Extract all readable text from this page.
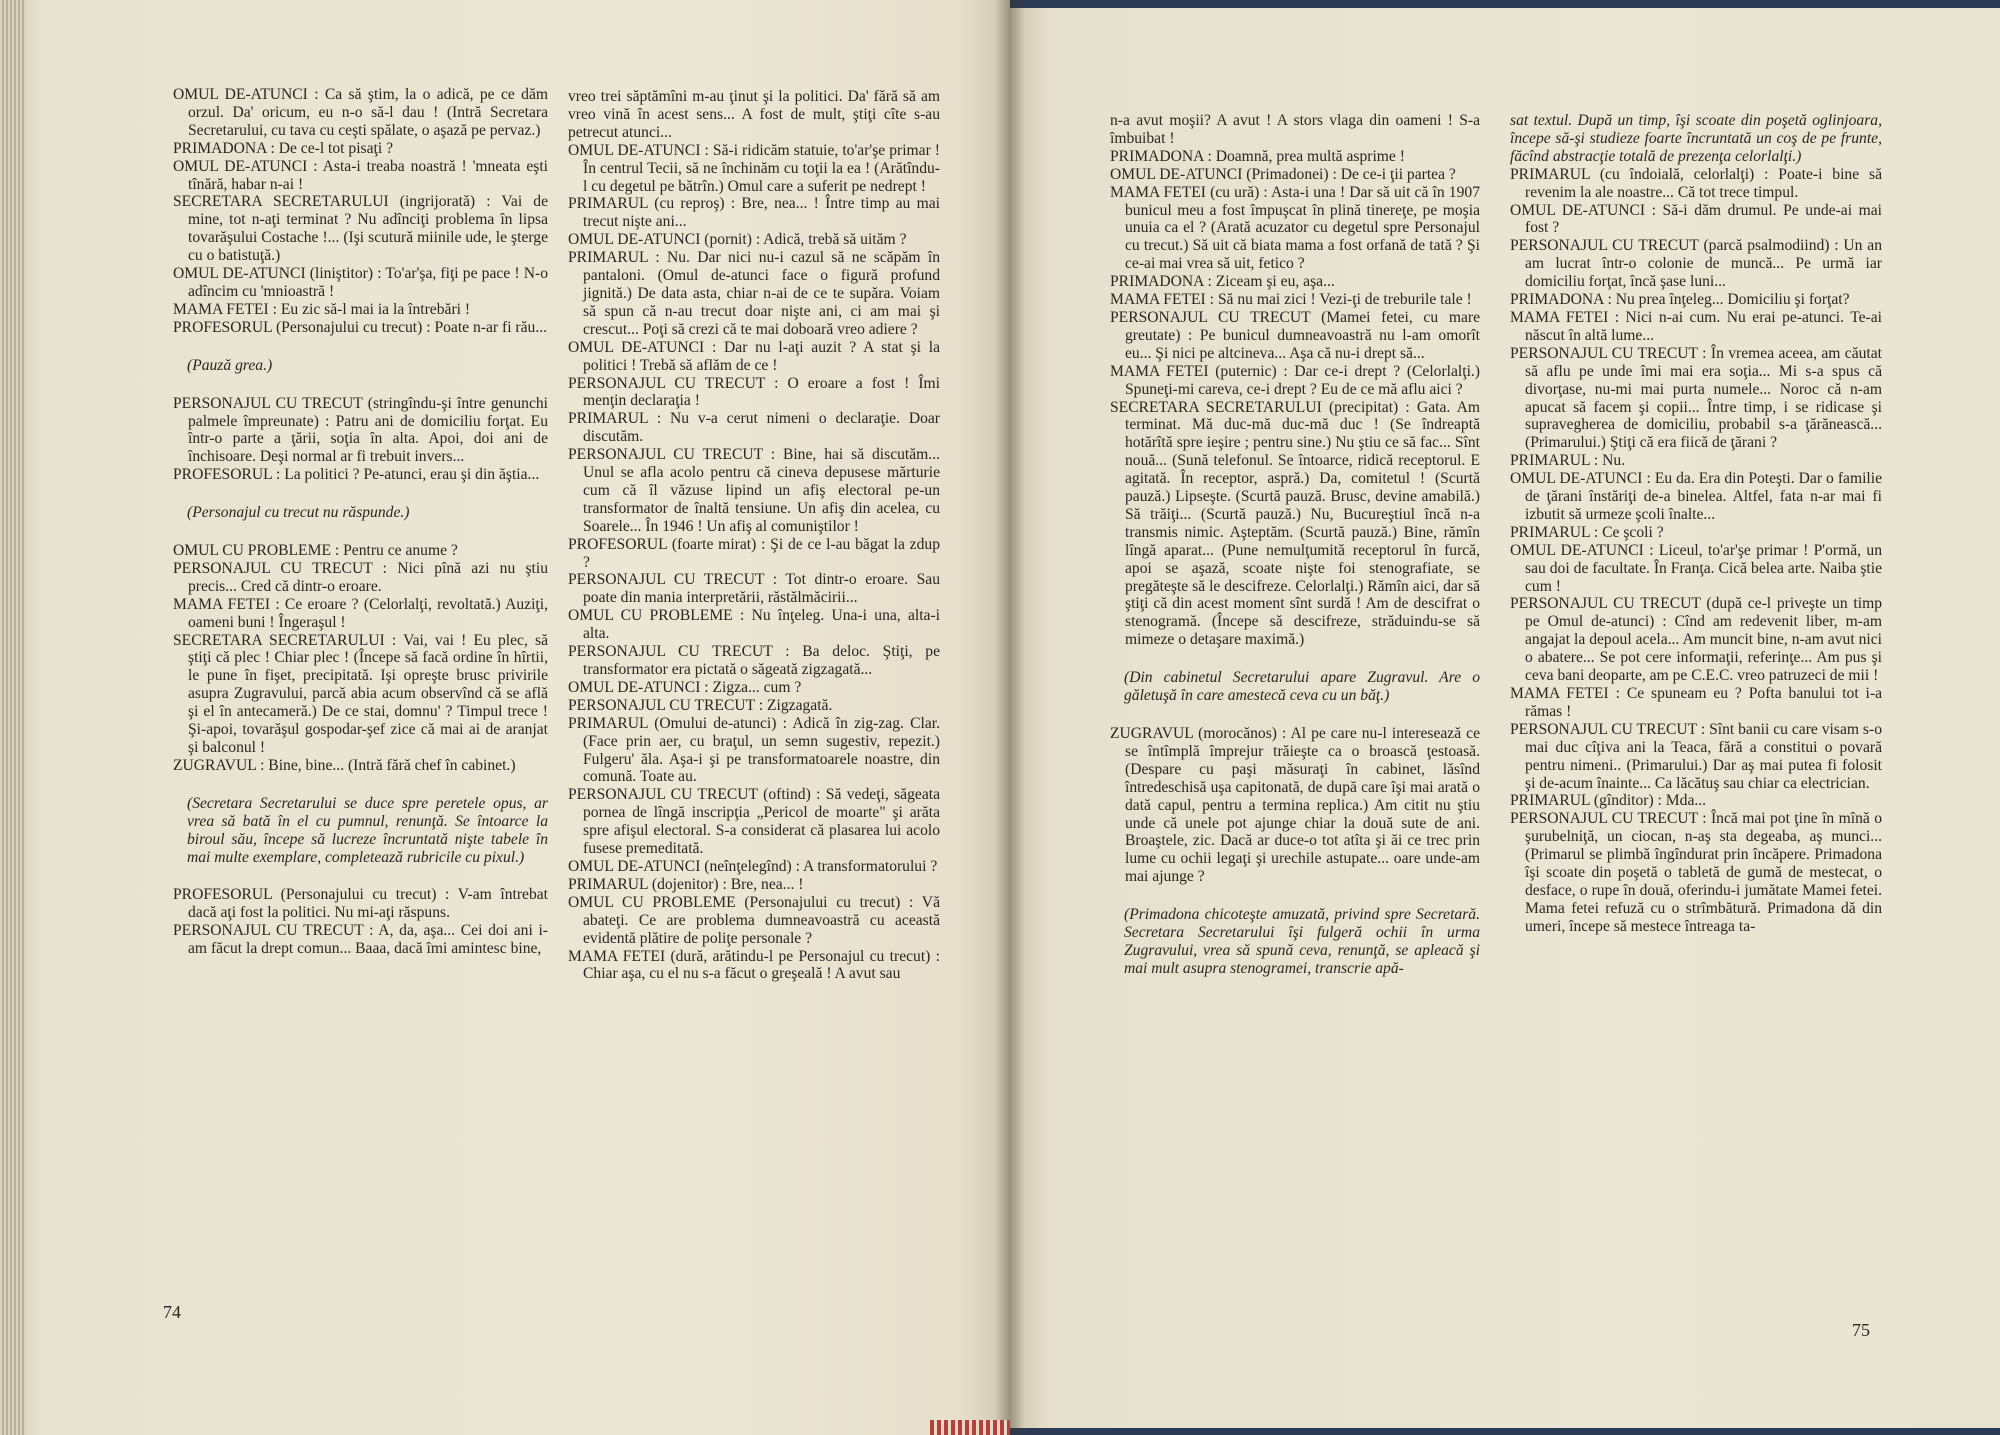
OMUL DE-ATUNCI : Ca să ştim, la o adică, pe ce dăm orzul. Da' oricum, eu n-o să-l dau ! (Intră Secretara Secretarului, cu tava cu ceşti spălate, o aşază pe pervaz.)

PRIMADONA : De ce-l tot pisaţi ?

OMUL DE-ATUNCI : Asta-i treaba noastră ! 'mneata eşti tînără, habar n-ai !

SECRETARA SECRETARULUI (ingrijorată) : Vai de mine, tot n-aţi terminat ? Nu adînciţi problema în lipsa tovarăşului Costache !... (Işi scutură miinile ude, le şterge cu o batistuţă.)

OMUL DE-ATUNCI (liniştitor) : To'ar'şa, fiţi pe pace ! N-o adîncim cu 'mnioastră !

MAMA FETEI : Eu zic să-l mai ia la întrebări !

PROFESORUL (Personajului cu trecut) : Poate n-ar fi rău...

(Pauză grea.)

PERSONAJUL CU TRECUT (stringîndu-şi între genunchi palmele împreunate) : Patru ani de domiciliu forţat. Eu într-o parte a ţării, soţia în alta. Apoi, doi ani de închisoare. Deşi normal ar fi trebuit invers...

PROFESORUL : La politici ? Pe-atunci, erau şi din ăştia...

(Personajul cu trecut nu răspunde.)

OMUL CU PROBLEME : Pentru ce anume ?

PERSONAJUL CU TRECUT : Nici pînă azi nu ştiu precis... Cred că dintr-o eroare.

MAMA FETEI : Ce eroare ? (Celorlalţi, revoltată.) Auziţi, oameni buni ! Îngeraşul !

SECRETARA SECRETARULUI : Vai, vai ! Eu plec, să ştiţi că plec ! Chiar plec ! (Începe să facă ordine în hîrtii, le pune în fişet, precipitată. Işi opreşte brusc privirile asupra Zugravului, parcă abia acum observînd că se află şi el în antecameră.) De ce stai, domnu' ? Timpul trece ! Şi-apoi, tovarăşul gospodar-şef zice că mai ai de aranjat şi balconul !

ZUGRAVUL : Bine, bine... (Intră fără chef în cabinet.)

(Secretara Secretarului se duce spre peretele opus, ar vrea să bată în el cu pumnul, renunţă. Se întoarce la biroul său, începe să lucreze încruntată nişte tabele în mai multe exemplare, completează rubricile cu pixul.)

PROFESORUL (Personajului cu trecut) : V-am întrebat dacă aţi fost la politici. Nu mi-aţi răspuns.

PERSONAJUL CU TRECUT : A, da, aşa... Cei doi ani i-am făcut la drept comun... Baaa, dacă îmi amintesc bine,

vreo trei săptămîni m-au ţinut şi la politici. Da' fără să am vreo vină în acest sens... A fost de mult, ştiţi cîte s-au petrecut atunci...

OMUL DE-ATUNCI : Să-i ridicăm statuie, to'ar'şe primar ! În centrul Tecii, să ne închinăm cu toţii la ea ! (Arătîndu-l cu degetul pe bătrîn.) Omul care a suferit pe nedrept !

PRIMARUL (cu reproş) : Bre, nea... ! Între timp au mai trecut nişte ani...

OMUL DE-ATUNCI (pornit) : Adică, trebă să uităm ?

PRIMARUL : Nu. Dar nici nu-i cazul să ne scăpăm în pantaloni. (Omul de-atunci face o figură profund jignită.) De data asta, chiar n-ai de ce te supăra. Voiam să spun că n-au trecut doar nişte ani, ci am mai şi crescut... Poţi să crezi că te mai doboară vreo adiere ?

OMUL DE-ATUNCI : Dar nu l-aţi auzit ? A stat şi la politici ! Trebă să aflăm de ce !

PERSONAJUL CU TRECUT : O eroare a fost ! Îmi menţin declaraţia !

PRIMARUL : Nu v-a cerut nimeni o declaraţie. Doar discutăm.

PERSONAJUL CU TRECUT : Bine, hai să discutăm... Unul se afla acolo pentru că cineva depusese mărturie cum că îl văzuse lipind un afiş electoral pe-un transformator de înaltă tensiune. Un afiş din acelea, cu Soarele... În 1946 ! Un afiş al comuniştilor !

PROFESORUL (foarte mirat) : Şi de ce l-au băgat la zdup ?

PERSONAJUL CU TRECUT : Tot dintr-o eroare. Sau poate din mania interpretării, răstălmăcirii...

OMUL CU PROBLEME : Nu înţeleg. Una-i una, alta-i alta.

PERSONAJUL CU TRECUT : Ba deloc. Ştiţi, pe transformator era pictată o săgeată zigzagată...

OMUL DE-ATUNCI : Zigza... cum ?

PERSONAJUL CU TRECUT : Zigzagată.

PRIMARUL (Omului de-atunci) : Adică în zig-zag. Clar. (Face prin aer, cu braţul, un semn sugestiv, repezit.) Fulgeru' ăla. Aşa-i şi pe transformatoarele noastre, din comună. Toate au.

PERSONAJUL CU TRECUT (oftind) : Să vedeţi, săgeata pornea de lîngă inscripţia „Pericol de moarte" şi arăta spre afişul electoral. S-a considerat că plasarea lui acolo fusese premeditată.

OMUL DE-ATUNCI (neînţelegînd) : A transformatorului ?

PRIMARUL (dojenitor) : Bre, nea... !

OMUL CU PROBLEME (Personajului cu trecut) : Vă abateţi. Ce are problema dumneavoastră cu această evidentă plătire de poliţe personale ?

MAMA FETEI (dură, arătindu-l pe Personajul cu trecut) : Chiar aşa, cu el nu s-a făcut o greşeală ! A avut sau

74

n-a avut moşii? A avut ! A stors vlaga din oameni ! S-a îmbuibat !

PRIMADONA : Doamnă, prea multă asprime !

OMUL DE-ATUNCI (Primadonei) : De ce-i ţii partea ?

MAMA FETEI (cu ură) : Asta-i una ! Dar să uit că în 1907 bunicul meu a fost împuşcat în plină tinereţe, pe moşia unuia ca el ? (Arată acuzator cu degetul spre Personajul cu trecut.) Să uit că biata mama a fost orfană de tată ? Şi ce-ai mai vrea să uit, fetico ?

PRIMADONA : Ziceam şi eu, aşa...

MAMA FETEI : Să nu mai zici ! Vezi-ţi de treburile tale !

PERSONAJUL CU TRECUT (Mamei fetei, cu mare greutate) : Pe bunicul dumneavoastră nu l-am omorît eu... Şi nici pe altcineva... Aşa că nu-i drept să...

MAMA FETEI (puternic) : Dar ce-i drept ? (Celorlalţi.) Spuneţi-mi careva, ce-i drept ? Eu de ce mă aflu aici ?

SECRETARA SECRETARULUI (precipitat) : Gata. Am terminat. Mă duc-mă duc-mă duc ! (Se îndreaptă hotărîtă spre ieşire ; pentru sine.) Nu ştiu ce să fac... Sînt nouă... (Sună telefonul. Se întoarce, ridică receptorul. E agitată. În receptor, aspră.) Da, comitetul ! (Scurtă pauză.) Lipseşte. (Scurtă pauză. Brusc, devine amabilă.) Să trăiţi... (Scurtă pauză.) Nu, Bucureştiul încă n-a transmis nimic. Aşteptăm. (Scurtă pauză.) Bine, rămîn lîngă aparat... (Pune nemulţumită receptorul în furcă, apoi se aşază, scoate nişte foi stenografiate, se pregăteşte să le descifreze. Celorlalţi.) Rămîn aici, dar să ştiţi că din acest moment sînt surdă ! Am de descifrat o stenogramă. (Începe să descifreze, străduindu-se să mimeze o detaşare maximă.)

(Din cabinetul Secretarului apare Zugravul. Are o găletuşă în care amestecă ceva cu un băţ.)

ZUGRAVUL (morocănos) : Al pe care nu-l interesează ce se întîmplă împrejur trăieşte ca o broască ţestoasă. (Despare cu paşi măsuraţi în cabinet, lăsînd întredeschisă uşa capitonată, de după care îşi mai arată o dată capul, pentru a termina replica.) Am citit nu ştiu unde că unele pot ajunge chiar la două sute de ani. Broaştele, zic. Dacă ar duce-o tot atîta şi ăi ce trec prin lume cu ochii legaţi şi urechile astupate... oare unde-am mai ajunge ?

(Primadona chicoteşte amuzată, privind spre Secretară. Secretara Secretarului îşi fulgeră ochii în urma Zugravului, vrea să spună ceva, renunţă, se apleacă şi mai mult asupra stenogramei, transcrie apă-

sat textul. După un timp, îşi scoate din poşetă oglinjoara, începe să-şi studieze foarte încruntată un coş de pe frunte, făcînd abstracţie totală de prezenţa celorlalţi.)

PRIMARUL (cu îndoială, celorlalţi) : Poate-i bine să revenim la ale noastre... Că tot trece timpul.

OMUL DE-ATUNCI : Să-i dăm drumul. Pe unde-ai mai fost ?

PERSONAJUL CU TRECUT (parcă psalmodiind) : Un an am lucrat într-o colonie de muncă... Pe urmă iar domiciliu forţat, încă şase luni...

PRIMADONA : Nu prea înţeleg... Domiciliu şi forţat?

MAMA FETEI : Nici n-ai cum. Nu erai pe-atunci. Te-ai născut în altă lume...

PERSONAJUL CU TRECUT : În vremea aceea, am căutat să aflu pe unde îmi mai era soţia... Mi s-a spus că divorţase, nu-mi mai purta numele... Noroc că n-am apucat să facem şi copii... Între timp, i se ridicase şi supravegherea de domiciliu, probabil s-a ţărănească... (Primarului.) Ştiţi că era fiică de ţărani ?

PRIMARUL : Nu.

OMUL DE-ATUNCI : Eu da. Era din Poteşti. Dar o familie de ţărani înstăriţi de-a binelea. Altfel, fata n-ar mai fi izbutit să urmeze şcoli înalte...

PRIMARUL : Ce şcoli ?

OMUL DE-ATUNCI : Liceul, to'ar'şe primar ! P'ormă, un sau doi de facultate. În Franţa. Cică belea arte. Naiba ştie cum !

PERSONAJUL CU TRECUT (după ce-l priveşte un timp pe Omul de-atunci) : Cînd am redevenit liber, m-am angajat la depoul acela... Am muncit bine, n-am avut nici o abatere... Se pot cere informaţii, referinţe... Am pus şi ceva bani deoparte, am pe C.E.C. vreo patruzeci de mii !

MAMA FETEI : Ce spuneam eu ? Pofta banului tot i-a rămas !

PERSONAJUL CU TRECUT : Sînt banii cu care visam s-o mai duc cîţiva ani la Teaca, fără a constitui o povară pentru nimeni.. (Primarului.) Dar aş mai putea fi folosit şi de-acum înainte... Ca lăcătuş sau chiar ca electrician.

PRIMARUL (gînditor) : Mda...

PERSONAJUL CU TRECUT : Încă mai pot ţine în mînă o şurubelniţă, un ciocan, n-aş sta degeaba, aş munci... (Primarul se plimbă îngîndurat prin încăpere. Primadona îşi scoate din poşetă o tabletă de gumă de mestecat, o desface, o rupe în două, oferindu-i jumătate Mamei fetei. Mama fetei refuză cu o strîmbătură. Primadona dă din umeri, începe să mestece întreaga ta-

75
